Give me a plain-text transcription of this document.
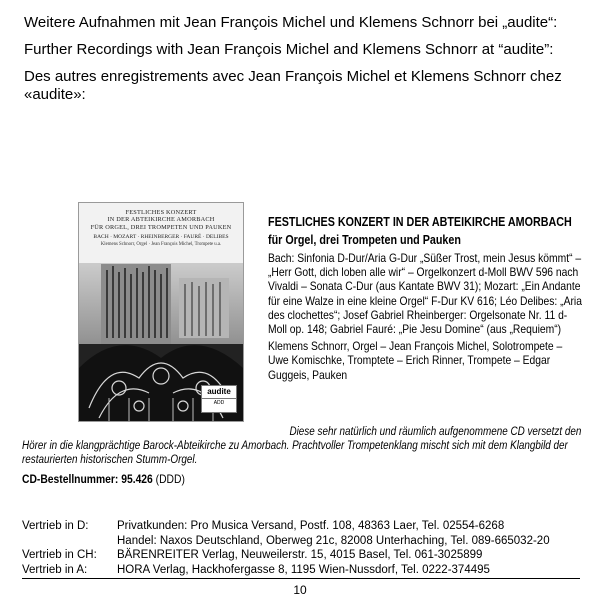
Weitere Aufnahmen mit Jean François Michel und Klemens Schnorr bei „audite“:

Further Recordings with Jean François Michel and Klemens Schnorr at “audite”:

Des autres enregistrements avec Jean François Michel et Klemens Schnorr chez «audite»:

FESTLICHES KONZERT
IN DER ABTEIKIRCHE AMORBACH
FÜR ORGEL, DREI TROMPETEN UND PAUKEN
BACH · MOZART · RHEINBERGER · FAURÉ · DELIBES
Klemens Schnorr, Orgel · Jean François Michel, Trompete u.a.
audite
ADD
FESTLICHES KONZERT IN DER ABTEIKIRCHE AMORBACH
für Orgel, drei Trompeten und Pauken
Bach: Sinfonia D-Dur/Aria G-Dur „Süßer Trost, mein Jesus kömmt“ – „Herr Gott, dich loben alle wir“ – Orgelkonzert d-Moll BWV 596 nach Vivaldi – Sonata C-Dur (aus Kantate BWV 31); Mozart: „Ein Andante für eine Walze in eine kleine Orgel“ F-Dur KV 616; Léo Delibes: „Aria des clochettes“; Josef Gabriel Rheinberger: Orgelsonate Nr. 11 d-Moll op. 148; Gabriel Fauré: „Pie Jesu Domine“ (aus „Requiem“)
Klemens Schnorr, Orgel – Jean François Michel, Solotrompete – Uwe Komischke, Tromptete – Erich Rinner, Trompete – Edgar Guggeis, Pauken
Diese sehr natürlich und räumlich aufgenommene CD versetzt den Hörer in die klangprächtige Barock-Abteikirche zu Amorbach. Prachtvoller Trompetenklang mischt sich mit dem Klangbild der restaurierten historischen Stumm-Orgel.
CD-Bestellnummer: 95.426 (DDD)
Vertrieb in D:	Privatkunden: Pro Musica Versand, Postf. 108, 48363 Laer, Tel. 02554-6268
Handel: Naxos Deutschland, Oberweg 21c, 82008 Unterhaching, Tel. 089-665032-20
Vertrieb in CH:	BÄRENREITER Verlag, Neuweilerstr. 15, 4015 Basel, Tel. 061-3025899
Vertrieb in A:	HORA Verlag, Hackhofergasse 8, 1195 Wien-Nussdorf, Tel. 0222-374495
10
